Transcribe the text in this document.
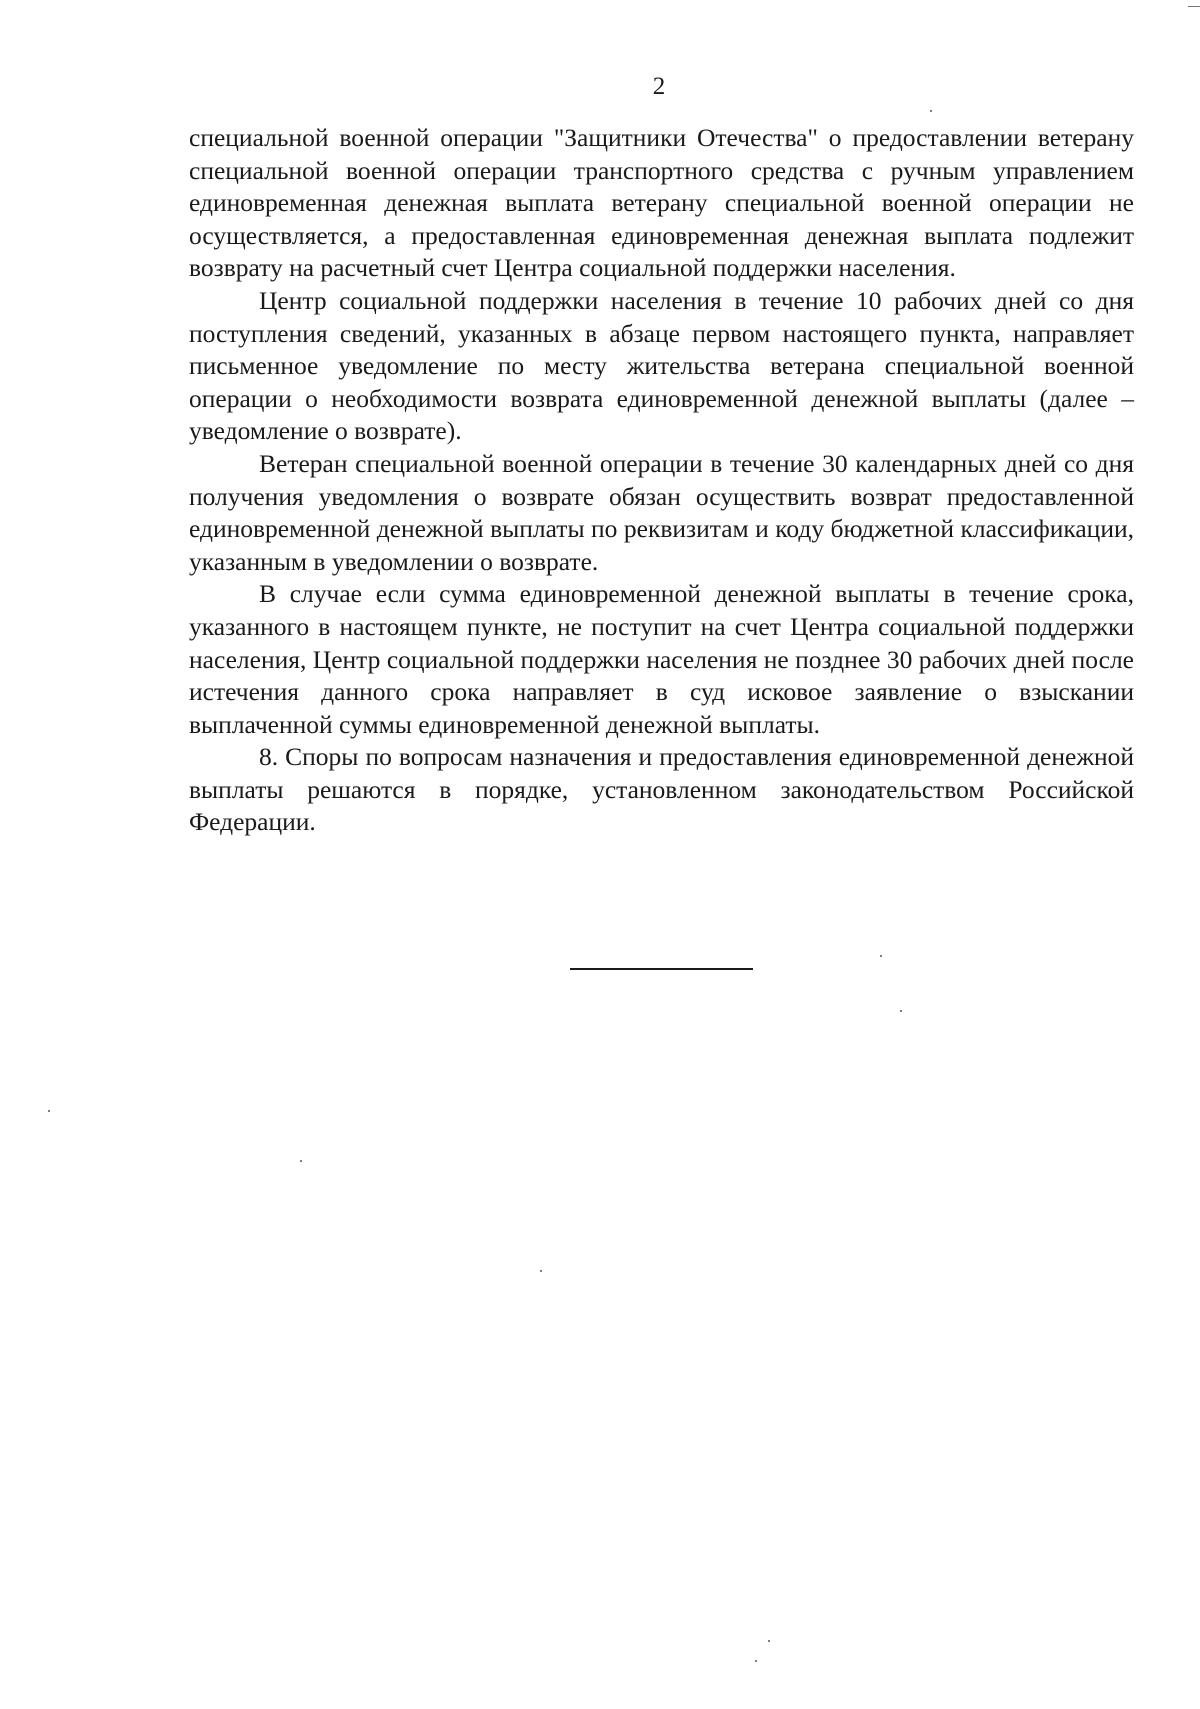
2

специальной военной операции "Защитники Отечества" о предоставлении ветерану специальной военной операции транспортного средства с ручным управлением единовременная денежная выплата ветерану специальной военной операции не осуществляется, а предоставленная единовременная денежная выплата подлежит возврату на расчетный счет Центра социальной поддержки населения.

Центр социальной поддержки населения в течение 10 рабочих дней со дня поступления сведений, указанных в абзаце первом настоящего пункта, направляет письменное уведомление по месту жительства ветерана специальной военной операции о необходимости возврата единовременной денежной выплаты (далее – уведомление о возврате).

Ветеран специальной военной операции в течение 30 календарных дней со дня получения уведомления о возврате обязан осуществить возврат предоставленной единовременной денежной выплаты по реквизитам и коду бюджетной классификации, указанным в уведомлении о возврате.

В случае если сумма единовременной денежной выплаты в течение срока, указанного в настоящем пункте, не поступит на счет Центра социальной поддержки населения, Центр социальной поддержки населения не позднее 30 рабочих дней после истечения данного срока направляет в суд исковое заявление о взыскании выплаченной суммы единовременной денежной выплаты.

8. Споры по вопросам назначения и предоставления единовременной денежной выплаты решаются в порядке, установленном законодательством Российской Федерации.
